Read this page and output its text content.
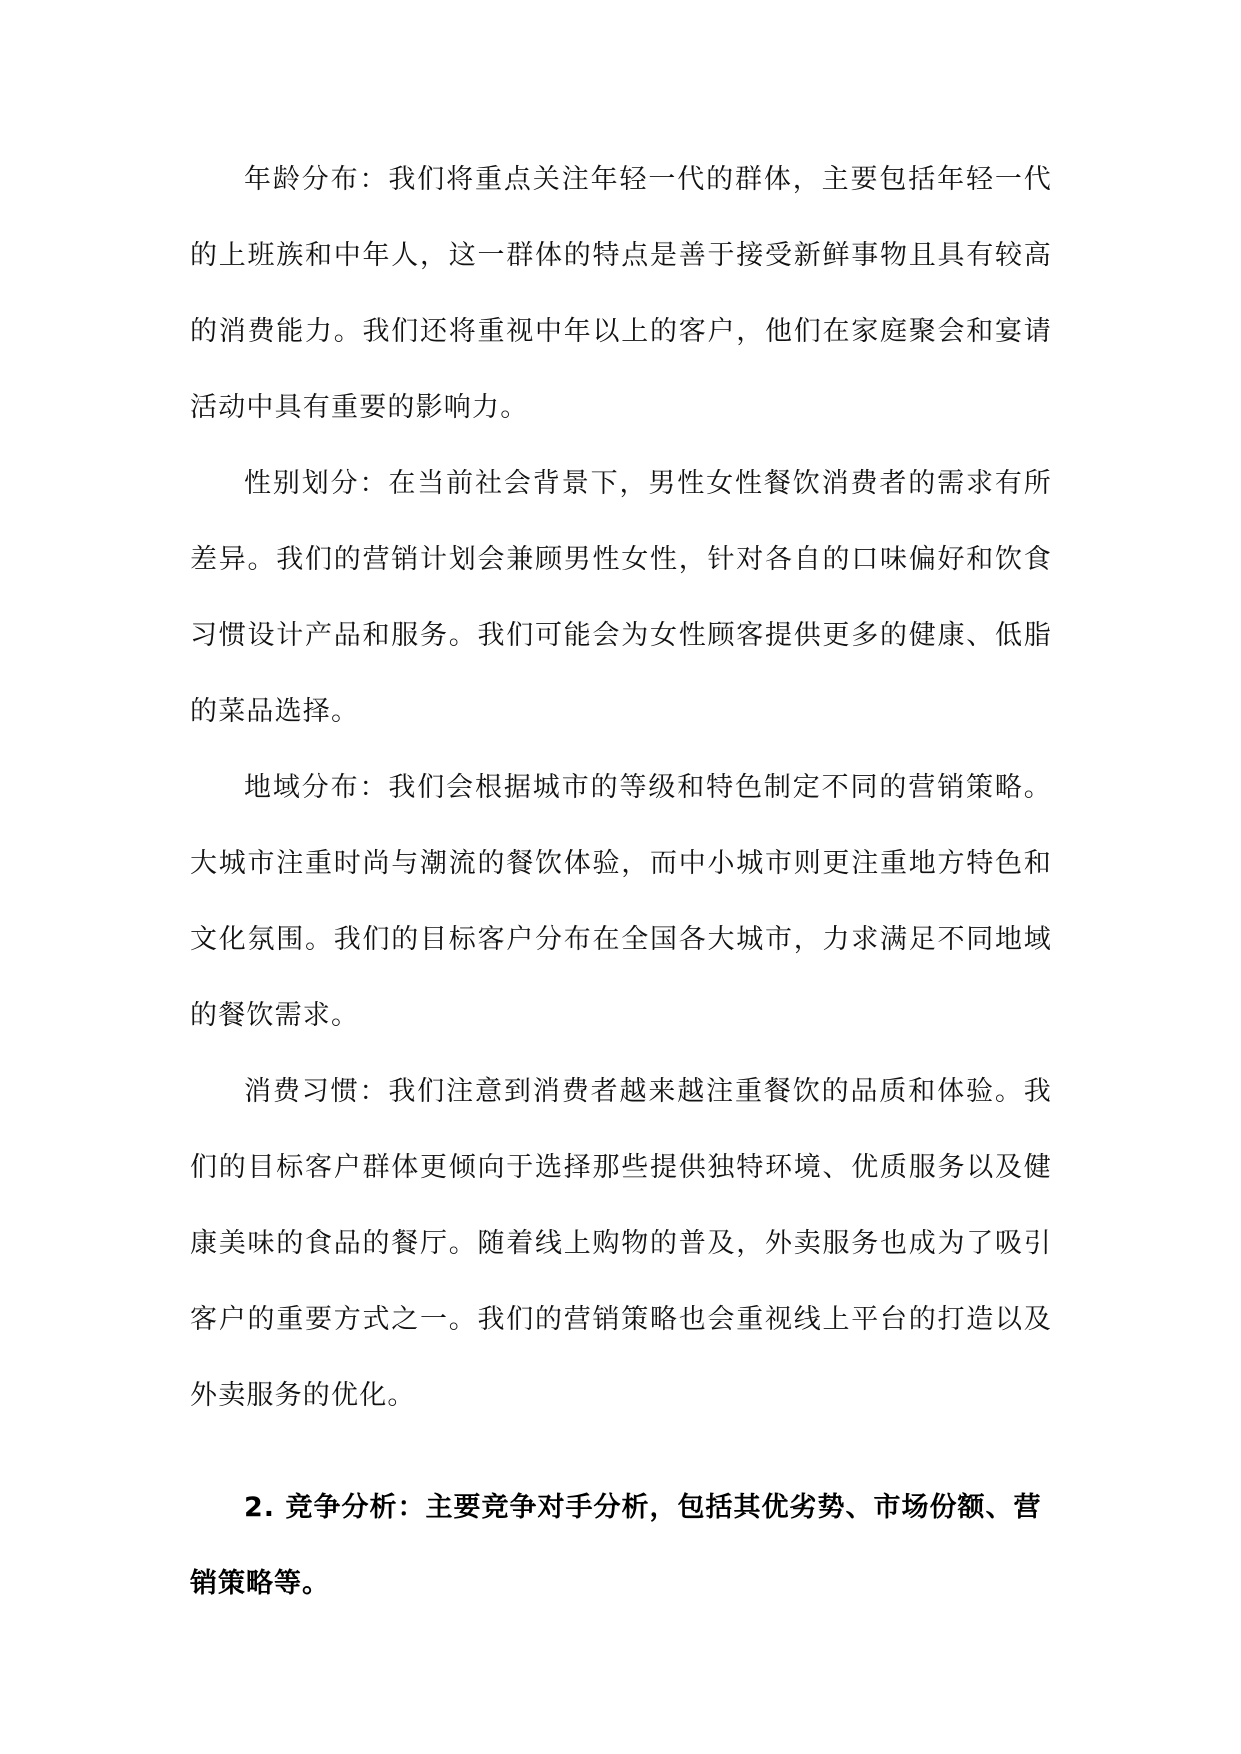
年龄分布：我们将重点关注年轻一代的群体，主要包括年轻一代的上班族和中年人，这一群体的特点是善于接受新鲜事物且具有较高的消费能力。我们还将重视中年以上的客户，他们在家庭聚会和宴请活动中具有重要的影响力。

性别划分：在当前社会背景下，男性女性餐饮消费者的需求有所差异。我们的营销计划会兼顾男性女性，针对各自的口味偏好和饮食习惯设计产品和服务。我们可能会为女性顾客提供更多的健康、低脂的菜品选择。

地域分布：我们会根据城市的等级和特色制定不同的营销策略。大城市注重时尚与潮流的餐饮体验，而中小城市则更注重地方特色和文化氛围。我们的目标客户分布在全国各大城市，力求满足不同地域的餐饮需求。

消费习惯：我们注意到消费者越来越注重餐饮的品质和体验。我们的目标客户群体更倾向于选择那些提供独特环境、优质服务以及健康美味的食品的餐厅。随着线上购物的普及，外卖服务也成为了吸引客户的重要方式之一。我们的营销策略也会重视线上平台的打造以及外卖服务的优化。

2. 竞争分析：主要竞争对手分析，包括其优劣势、市场份额、营销策略等。
